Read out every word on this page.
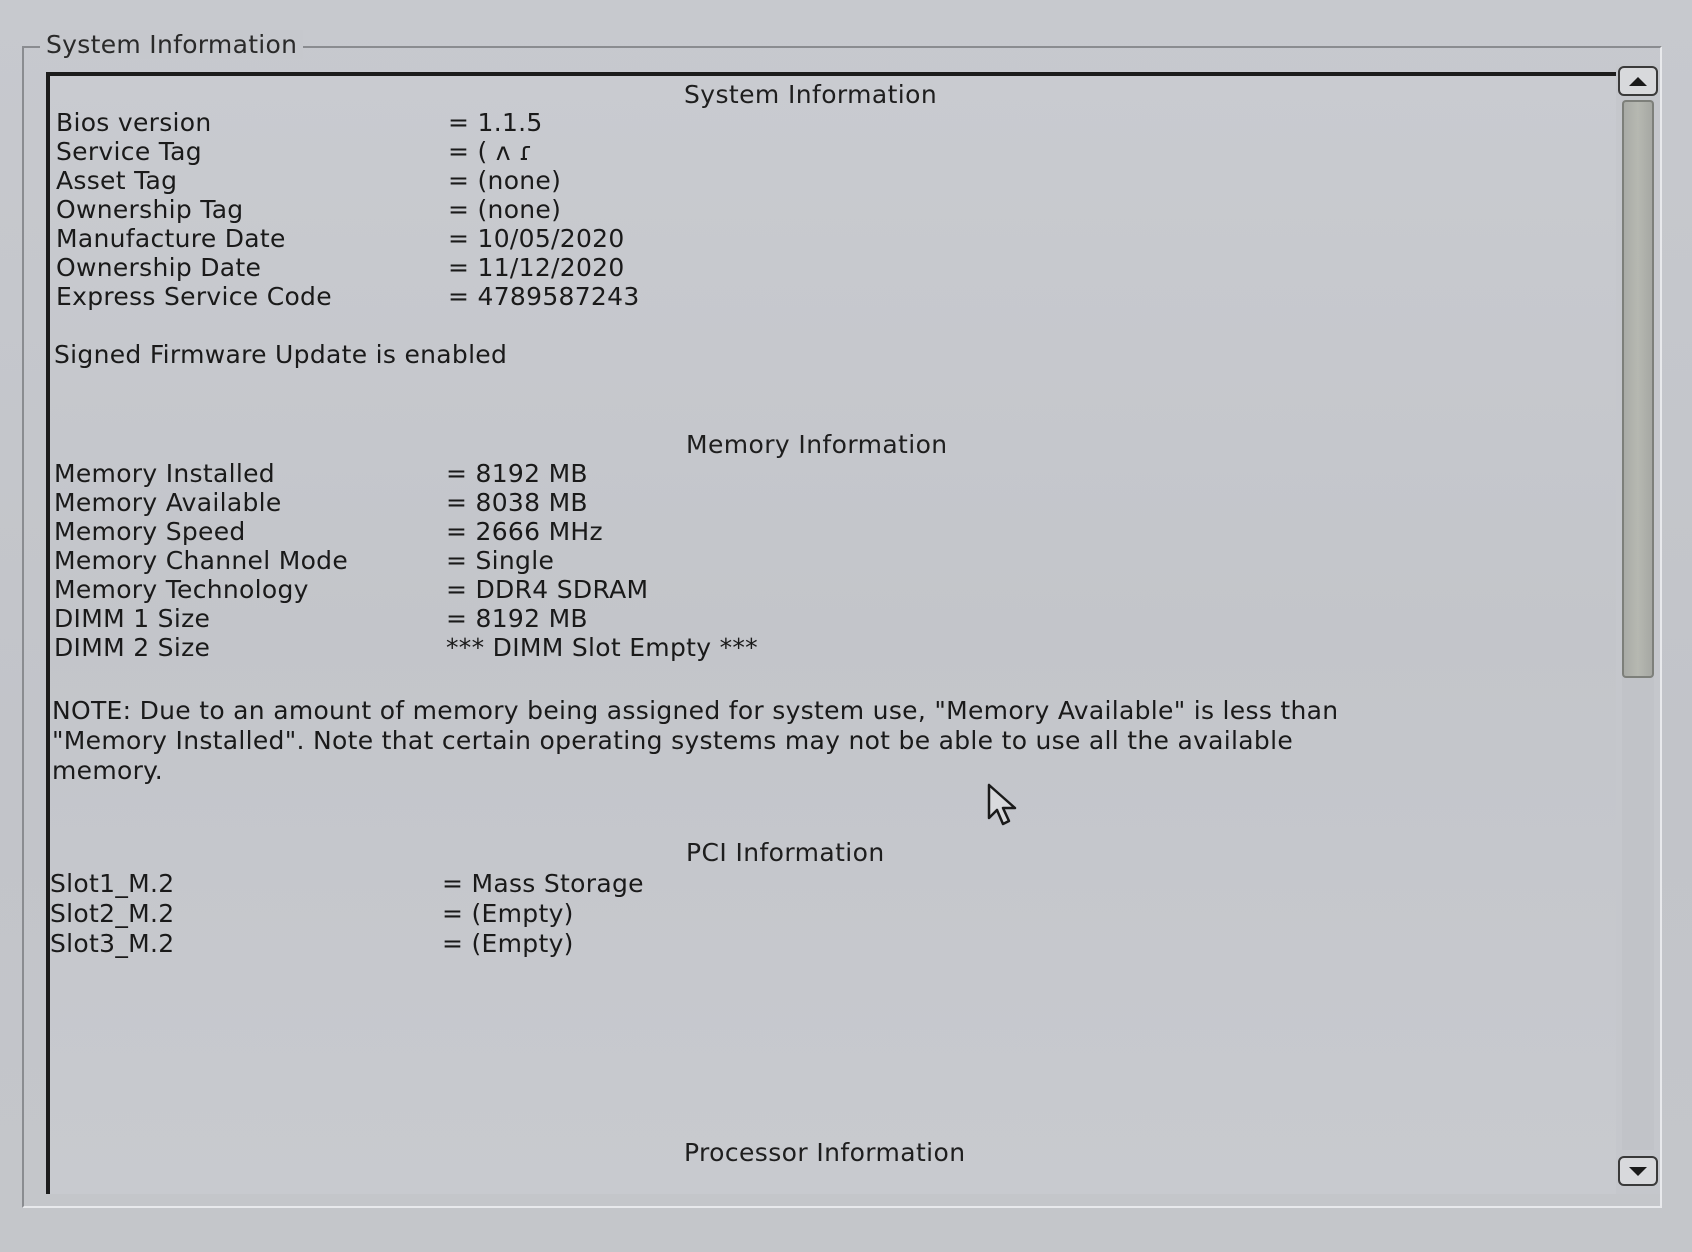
System Information
System Information
Bios version	= 1.1.5
Service Tag	= ( ʌ ɾ
Asset Tag	= (none)
Ownership Tag	= (none)
Manufacture Date	= 10/05/2020
Ownership Date	= 11/12/2020
Express Service Code	= 4789587243
Signed Firmware Update is enabled
Memory Information
Memory Installed	= 8192 MB
Memory Available	= 8038 MB
Memory Speed	= 2666 MHz
Memory Channel Mode	= Single
Memory Technology	= DDR4 SDRAM
DIMM 1 Size	= 8192 MB
DIMM 2 Size	*** DIMM Slot Empty ***
NOTE: Due to an amount of memory being assigned for system use, "Memory Available" is less than "Memory Installed". Note that certain operating systems may not be able to use all the available memory.
PCI Information
Slot1_M.2	= Mass Storage
Slot2_M.2	= (Empty)
Slot3_M.2	= (Empty)
Processor Information
